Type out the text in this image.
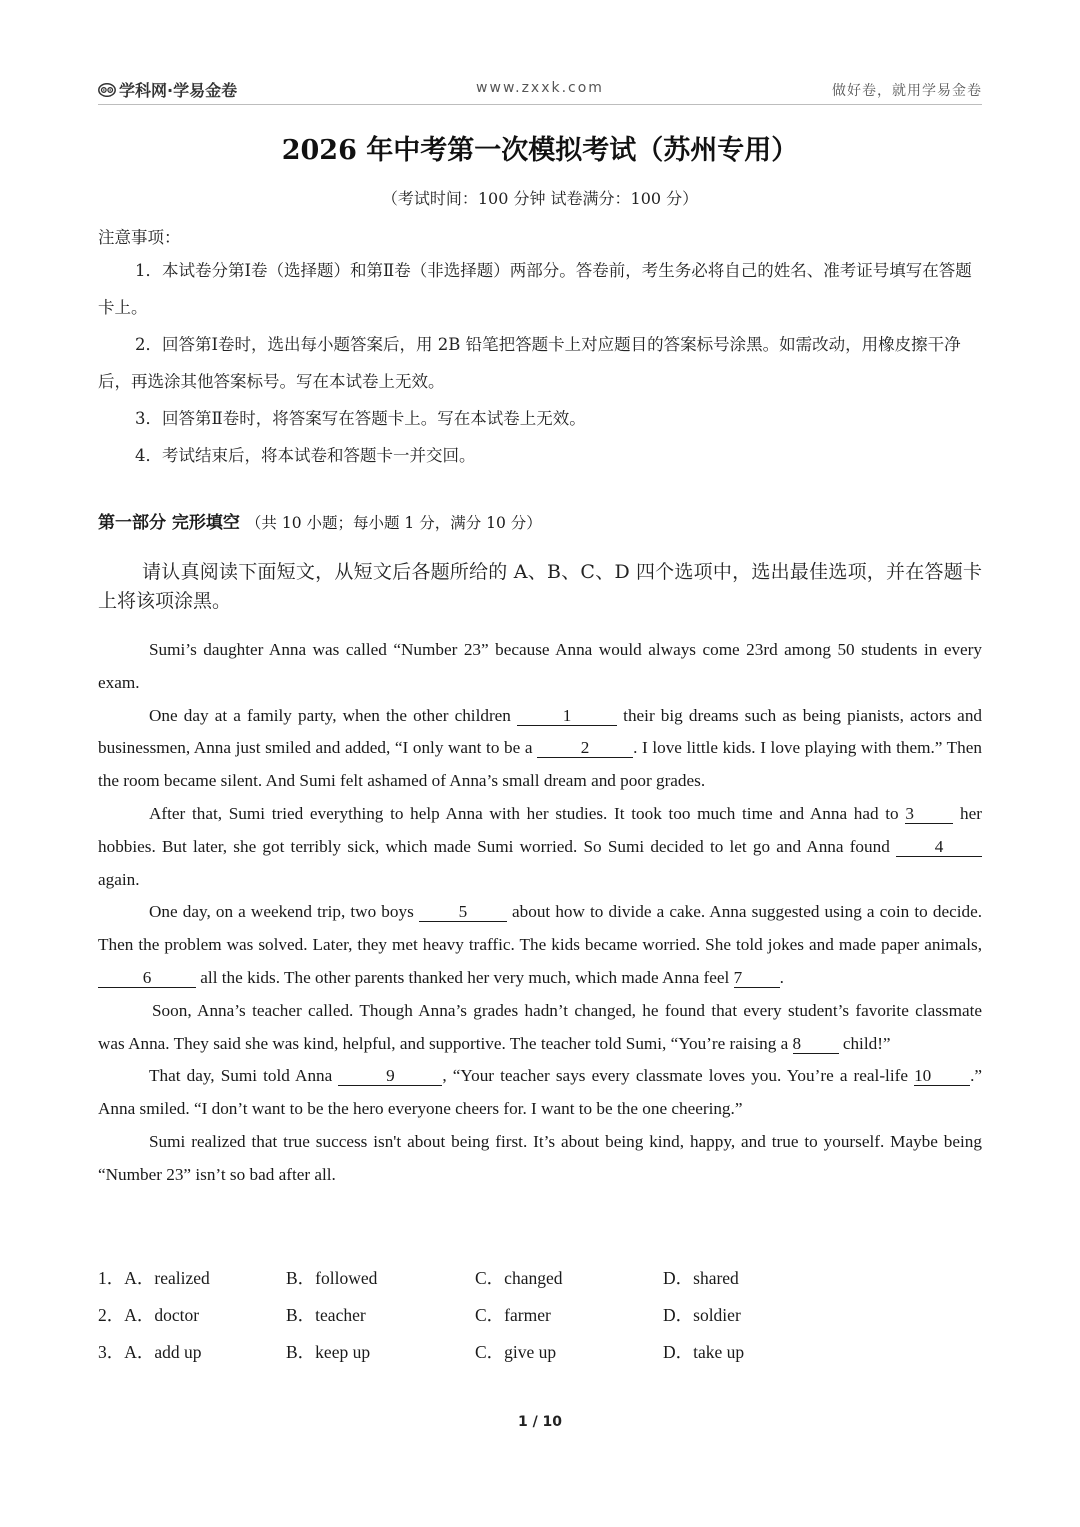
学科网·学易金卷	www.zxxk.com	做好卷，就用学易金卷
2026 年中考第一次模拟考试（苏州专用）
（考试时间：100 分钟 试卷满分：100 分）
注意事项：

1．本试卷分第Ⅰ卷（选择题）和第Ⅱ卷（非选择题）两部分。答卷前，考生务必将自己的姓名、准考证号填写在答题卡上。

2．回答第Ⅰ卷时，选出每小题答案后，用 2B 铅笔把答题卡上对应题目的答案标号涂黑。如需改动，用橡皮擦干净后，再选涂其他答案标号。写在本试卷上无效。

3．回答第Ⅱ卷时，将答案写在答题卡上。写在本试卷上无效。

4．考试结束后，将本试卷和答题卡一并交回。

第一部分 完形填空 （共 10 小题；每小题 1 分，满分 10 分）

请认真阅读下面短文，从短文后各题所给的 A、B、C、D 四个选项中，选出最佳选项，并在答题卡上将该项涂黑。

Sumi’s daughter Anna was called “Number 23” because Anna would always come 23rd among 50 students in every exam.

One day at a family party, when the other children	1	their big dreams such as being pianists, actors and businessmen, Anna just smiled and added, “I only want to be a	2	. I love little kids. I love playing with them.” Then the room became silent. And Sumi felt ashamed of Anna’s small dream and poor grades.

After that, Sumi tried everything to help Anna with her studies. It took too much time and Anna had to 3	her hobbies. But later, she got terribly sick, which made Sumi worried. So Sumi decided to let go and Anna found 4 again.

One day, on a weekend trip, two boys 5	about how to divide a cake. Anna suggested using a coin to decide. Then the problem was solved. Later, they met heavy traffic. The kids became worried. She told jokes and made paper animals, 6	all the kids. The other parents thanked her very much, which made Anna feel 7 .

Soon, Anna’s teacher called. Though Anna’s grades hadn’t changed, he found that every student’s favorite classmate was Anna. They said she was kind, helpful, and supportive. The teacher told Sumi, “You’re raising a 8 child!”

That day, Sumi told Anna	9	, “Your teacher says every classmate loves you. You’re a real-life 10 .” Anna smiled. “I don’t want to be the hero everyone cheers for. I want to be the one cheering.”

Sumi realized that true success isn't about being first. It’s about being kind, happy, and true to yourself. Maybe being “Number 23” isn’t so bad after all.

1．A．realized	B．followed	C．changed	D．shared
2．A．doctor	B．teacher	C．farmer	D．soldier
3．A．add up	B．keep up	C．give up	D．take up
1 / 10
